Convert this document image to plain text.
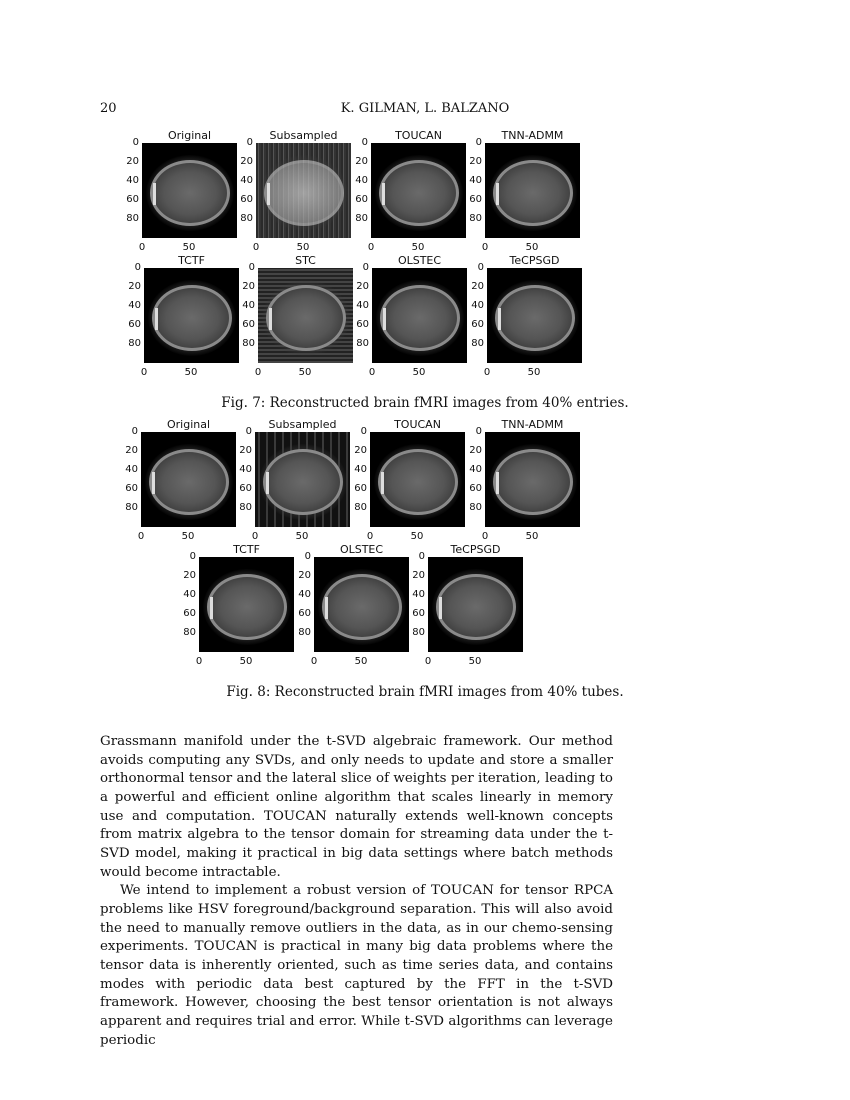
20	K. GILMAN, L. BALZANO
Original
0
20
40
60
80
0	50
Subsampled
0
20
40
60
80
0	50
TOUCAN
0
20
40
60
80
0	50
TNN-ADMM
0
20
40
60
80
0	50
TCTF
0
20
40
60
80
0	50
STC
0
20
40
60
80
0	50
OLSTEC
0
20
40
60
80
0	50
TeCPSGD
0
20
40
60
80
0	50
Original
0
20
40
60
80
0	50
Subsampled
0
20
40
60
80
0	50
TOUCAN
0
20
40
60
80
0	50
TNN-ADMM
0
20
40
60
80
0	50
TCTF
0
20
40
60
80
0	50
OLSTEC
0
20
40
60
80
0	50
TeCPSGD
0
20
40
60
80
0	50
Fig. 7: Reconstructed brain fMRI images from 40% entries.
Fig. 8: Reconstructed brain fMRI images from 40% tubes.

Grassmann manifold under the t-SVD algebraic framework. Our method avoids computing any SVDs, and only needs to update and store a smaller orthonormal tensor and the lateral slice of weights per iteration, leading to a powerful and efficient online algorithm that scales linearly in memory use and computation. TOUCAN naturally extends well-known concepts from matrix algebra to the tensor domain for streaming data under the t-SVD model, making it practical in big data settings where batch methods would become intractable.

We intend to implement a robust version of TOUCAN for tensor RPCA problems like HSV foreground/background separation. This will also avoid the need to manually remove outliers in the data, as in our chemo-sensing experiments. TOUCAN is practical in many big data problems where the tensor data is inherently oriented, such as time series data, and contains modes with periodic data best captured by the FFT in the t-SVD framework. However, choosing the best tensor orientation is not always apparent and requires trial and error. While t-SVD algorithms can leverage periodic
